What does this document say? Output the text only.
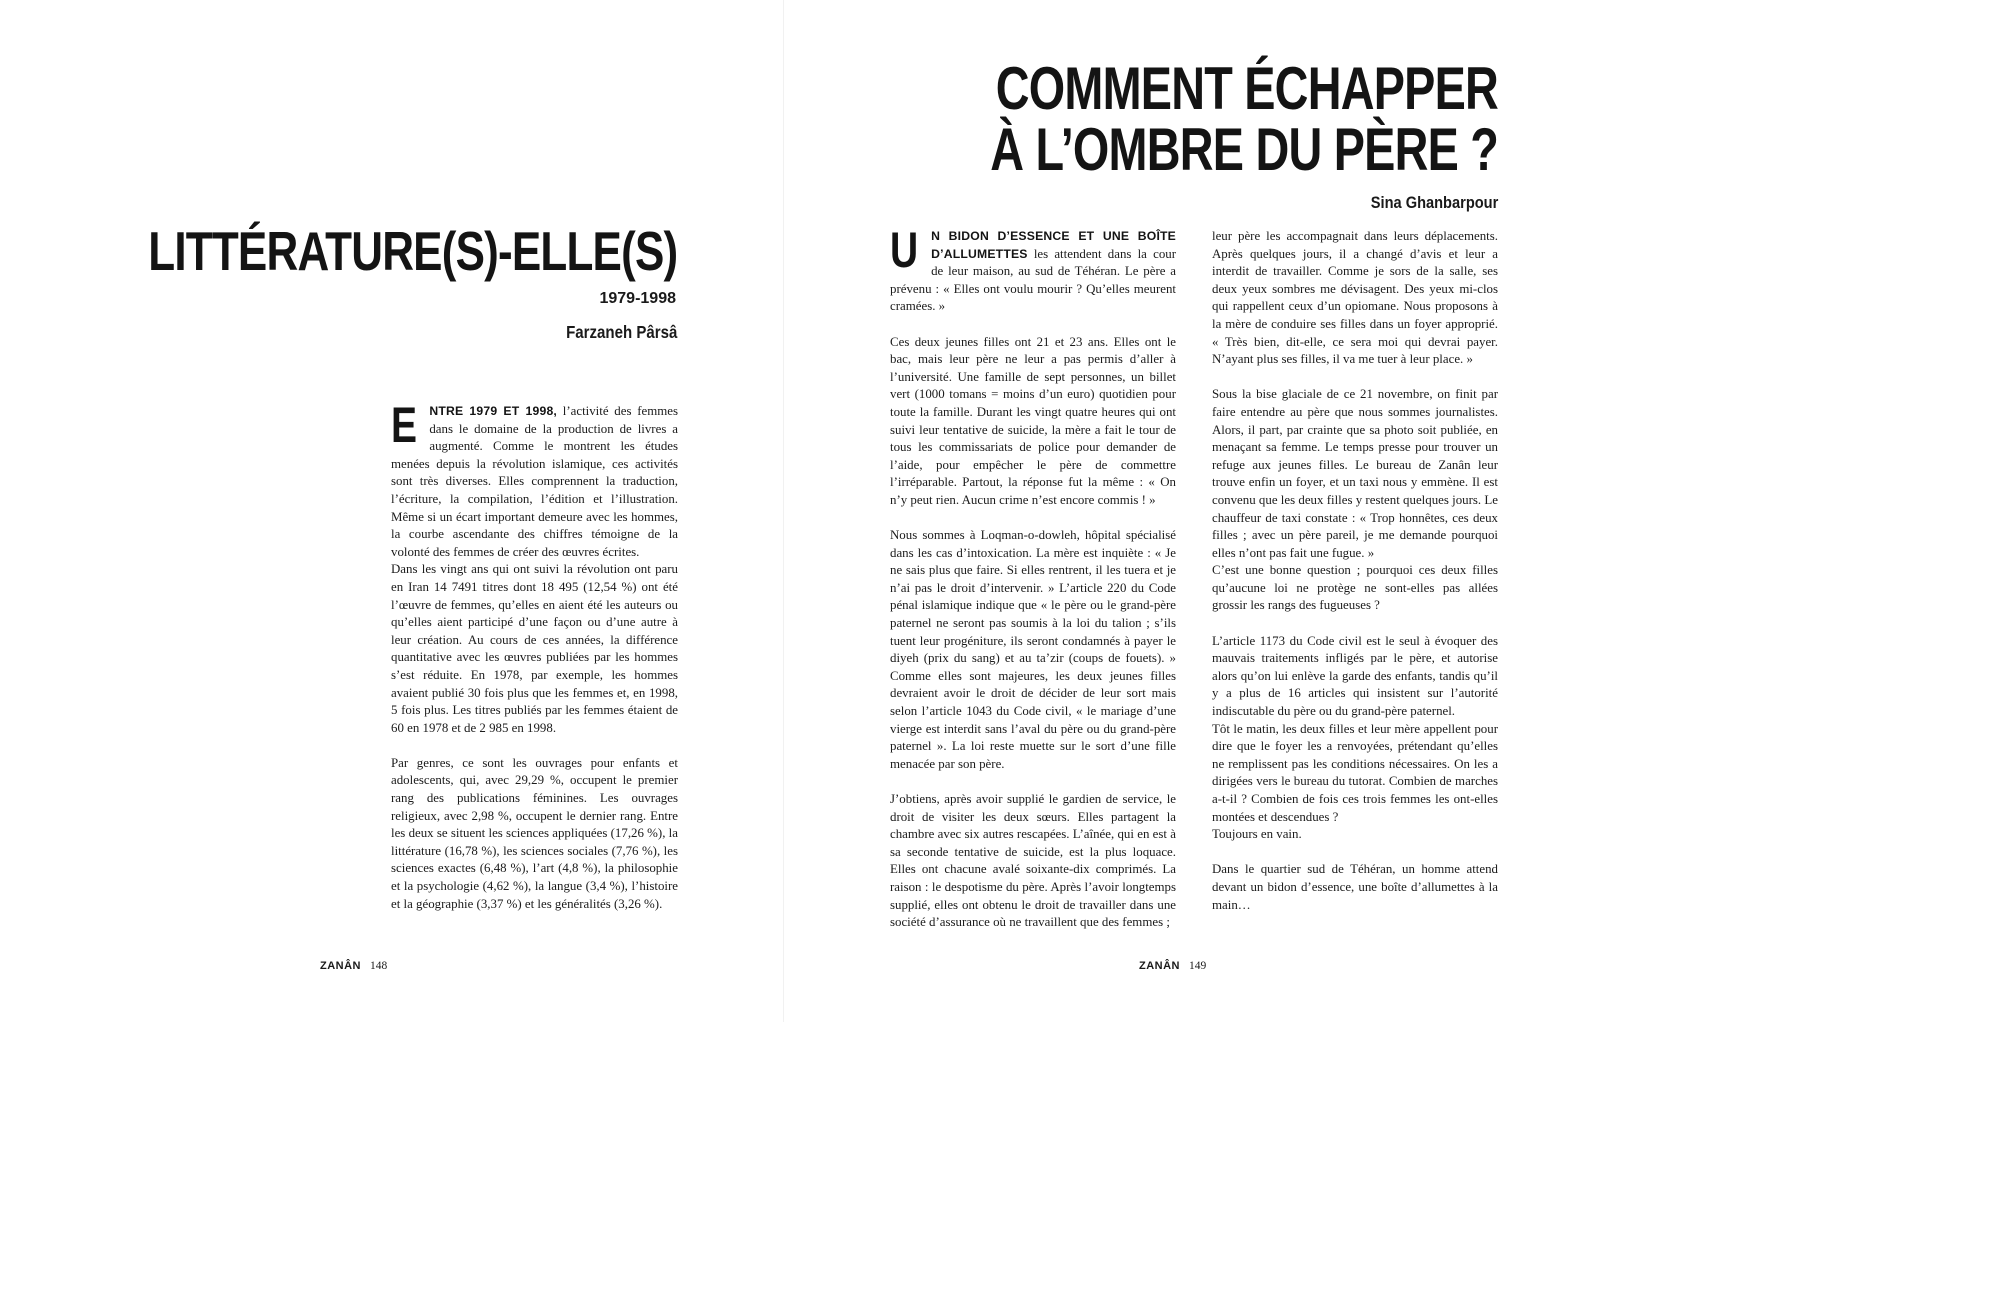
LITTÉRATURE(S)-ELLE(S)
1979-1998
Farzaneh Pârsâ

E NTRE 1979 ET 1998, l’activité des femmes dans le domaine de la production de livres a augmenté. Comme le montrent les études menées depuis la révolution islamique, ces activités sont très diverses. Elles comprennent la traduction, l’écriture, la compilation, l’édition et l’illustration. Même si un écart important demeure avec les hommes, la courbe ascendante des chiffres témoigne de la volonté des femmes de créer des œuvres écrites.

Dans les vingt ans qui ont suivi la révolution ont paru en Iran 14 7491 titres dont 18 495 (12,54 %) ont été l’œuvre de femmes, qu’elles en aient été les auteurs ou qu’elles aient participé d’une façon ou d’une autre à leur création. Au cours de ces années, la différence quantitative avec les œuvres publiées par les hommes s’est réduite. En 1978, par exemple, les hommes avaient publié 30 fois plus que les femmes et, en 1998, 5 fois plus. Les titres publiés par les femmes étaient de 60 en 1978 et de 2 985 en 1998.

Par genres, ce sont les ouvrages pour enfants et adolescents, qui, avec 29,29 %, occupent le premier rang des publications féminines. Les ouvrages religieux, avec 2,98 %, occupent le dernier rang. Entre les deux se situent les sciences appliquées (17,26 %), la littérature (16,78 %), les sciences sociales (7,76 %), les sciences exactes (6,48 %), l’art (4,8 %), la philosophie et la psychologie (4,62 %), la langue (3,4 %), l’histoire et la géographie (3,37 %) et les généralités (3,26 %).

ZANÂN 148
COMMENT ÉCHAPPER
À L’OMBRE DU PÈRE ?
Sina Ghanbarpour

U N BIDON D’ESSENCE ET UNE BOÎTE D’ALLUMETTES les attendent dans la cour de leur maison, au sud de Téhéran. Le père a prévenu : « Elles ont voulu mourir ? Qu’elles meurent cramées. »

Ces deux jeunes filles ont 21 et 23 ans. Elles ont le bac, mais leur père ne leur a pas permis d’aller à l’université. Une famille de sept personnes, un billet vert (1000 tomans = moins d’un euro) quotidien pour toute la famille. Durant les vingt quatre heures qui ont suivi leur tentative de suicide, la mère a fait le tour de tous les commissariats de police pour demander de l’aide, pour empêcher le père de commettre l’irréparable. Partout, la réponse fut la même : « On n’y peut rien. Aucun crime n’est encore commis ! »

Nous sommes à Loqman-o-dowleh, hôpital spécialisé dans les cas d’intoxication. La mère est inquiète : « Je ne sais plus que faire. Si elles rentrent, il les tuera et je n’ai pas le droit d’intervenir. » L’article 220 du Code pénal islamique indique que « le père ou le grand-père paternel ne seront pas soumis à la loi du talion ; s’ils tuent leur progéniture, ils seront condamnés à payer le diyeh (prix du sang) et au ta’zir (coups de fouets). » Comme elles sont majeures, les deux jeunes filles devraient avoir le droit de décider de leur sort mais selon l’article 1043 du Code civil, « le mariage d’une vierge est interdit sans l’aval du père ou du grand-père paternel ». La loi reste muette sur le sort d’une fille menacée par son père.

J’obtiens, après avoir supplié le gardien de service, le droit de visiter les deux sœurs. Elles partagent la chambre avec six autres rescapées. L’aînée, qui en est à sa seconde tentative de suicide, est la plus loquace. Elles ont chacune avalé soixante-dix comprimés. La raison : le despotisme du père. Après l’avoir longtemps supplié, elles ont obtenu le droit de travailler dans une société d’assurance où ne travaillent que des femmes ;

leur père les accompagnait dans leurs déplacements. Après quelques jours, il a changé d’avis et leur a interdit de travailler. Comme je sors de la salle, ses deux yeux sombres me dévisagent. Des yeux mi-clos qui rappellent ceux d’un opiomane. Nous proposons à la mère de conduire ses filles dans un foyer approprié. « Très bien, dit-elle, ce sera moi qui devrai payer. N’ayant plus ses filles, il va me tuer à leur place. »

Sous la bise glaciale de ce 21 novembre, on finit par faire entendre au père que nous sommes journalistes. Alors, il part, par crainte que sa photo soit publiée, en menaçant sa femme. Le temps presse pour trouver un refuge aux jeunes filles. Le bureau de Zanân leur trouve enfin un foyer, et un taxi nous y emmène. Il est convenu que les deux filles y restent quelques jours. Le chauffeur de taxi constate : « Trop honnêtes, ces deux filles ; avec un père pareil, je me demande pourquoi elles n’ont pas fait une fugue. »

C’est une bonne question ; pourquoi ces deux filles qu’aucune loi ne protège ne sont-elles pas allées grossir les rangs des fugueuses ?

L’article 1173 du Code civil est le seul à évoquer des mauvais traitements infligés par le père, et autorise alors qu’on lui enlève la garde des enfants, tandis qu’il y a plus de 16 articles qui insistent sur l’autorité indiscutable du père ou du grand-père paternel.

Tôt le matin, les deux filles et leur mère appellent pour dire que le foyer les a renvoyées, prétendant qu’elles ne remplissent pas les conditions nécessaires. On les a dirigées vers le bureau du tutorat. Combien de marches a-t-il ? Combien de fois ces trois femmes les ont-elles montées et descendues ?

Toujours en vain.

Dans le quartier sud de Téhéran, un homme attend devant un bidon d’essence, une boîte d’allumettes à la main…

ZANÂN 149
